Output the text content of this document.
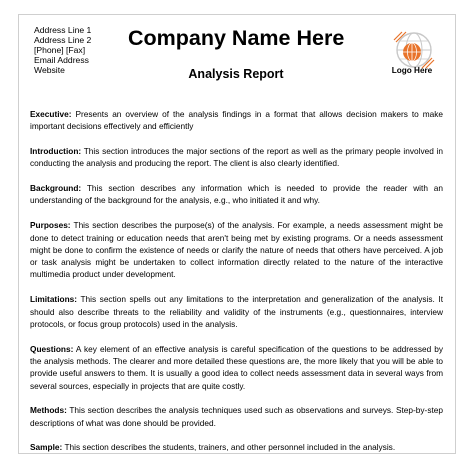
Address Line 1
Address Line 2
[Phone] [Fax]
Email Address
Website
Company Name Here
Analysis Report	Logo Here

Executive: Presents an overview of the analysis findings in a format that allows decision makers to make important decisions effectively and efficiently

Introduction: This section introduces the major sections of the report as well as the primary people involved in conducting the analysis and producing the report. The client is also clearly identified.

Background: This section describes any information which is needed to provide the reader with an understanding of the background for the analysis, e.g., who initiated it and why.

Purposes: This section describes the purpose(s) of the analysis. For example, a needs assessment might be done to detect training or education needs that aren't being met by existing programs. Or a needs assessment might be done to confirm the existence of needs or clarify the nature of needs that others have perceived. A job or task analysis might be undertaken to collect information directly related to the nature of the interactive multimedia product under development.

Limitations: This section spells out any limitations to the interpretation and generalization of the analysis. It should also describe threats to the reliability and validity of the instruments (e.g., questionnaires, interview protocols, or focus group protocols) used in the analysis.

Questions: A key element of an effective analysis is careful specification of the questions to be addressed by the analysis methods. The clearer and more detailed these questions are, the more likely that you will be able to provide useful answers to them. It is usually a good idea to collect needs assessment data in several ways from several sources, especially in projects that are quite costly.

Methods: This section describes the analysis techniques used such as observations and surveys. Step-by-step descriptions of what was done should be provided.

Sample: This section describes the students, trainers, and other personnel included in the analysis.
